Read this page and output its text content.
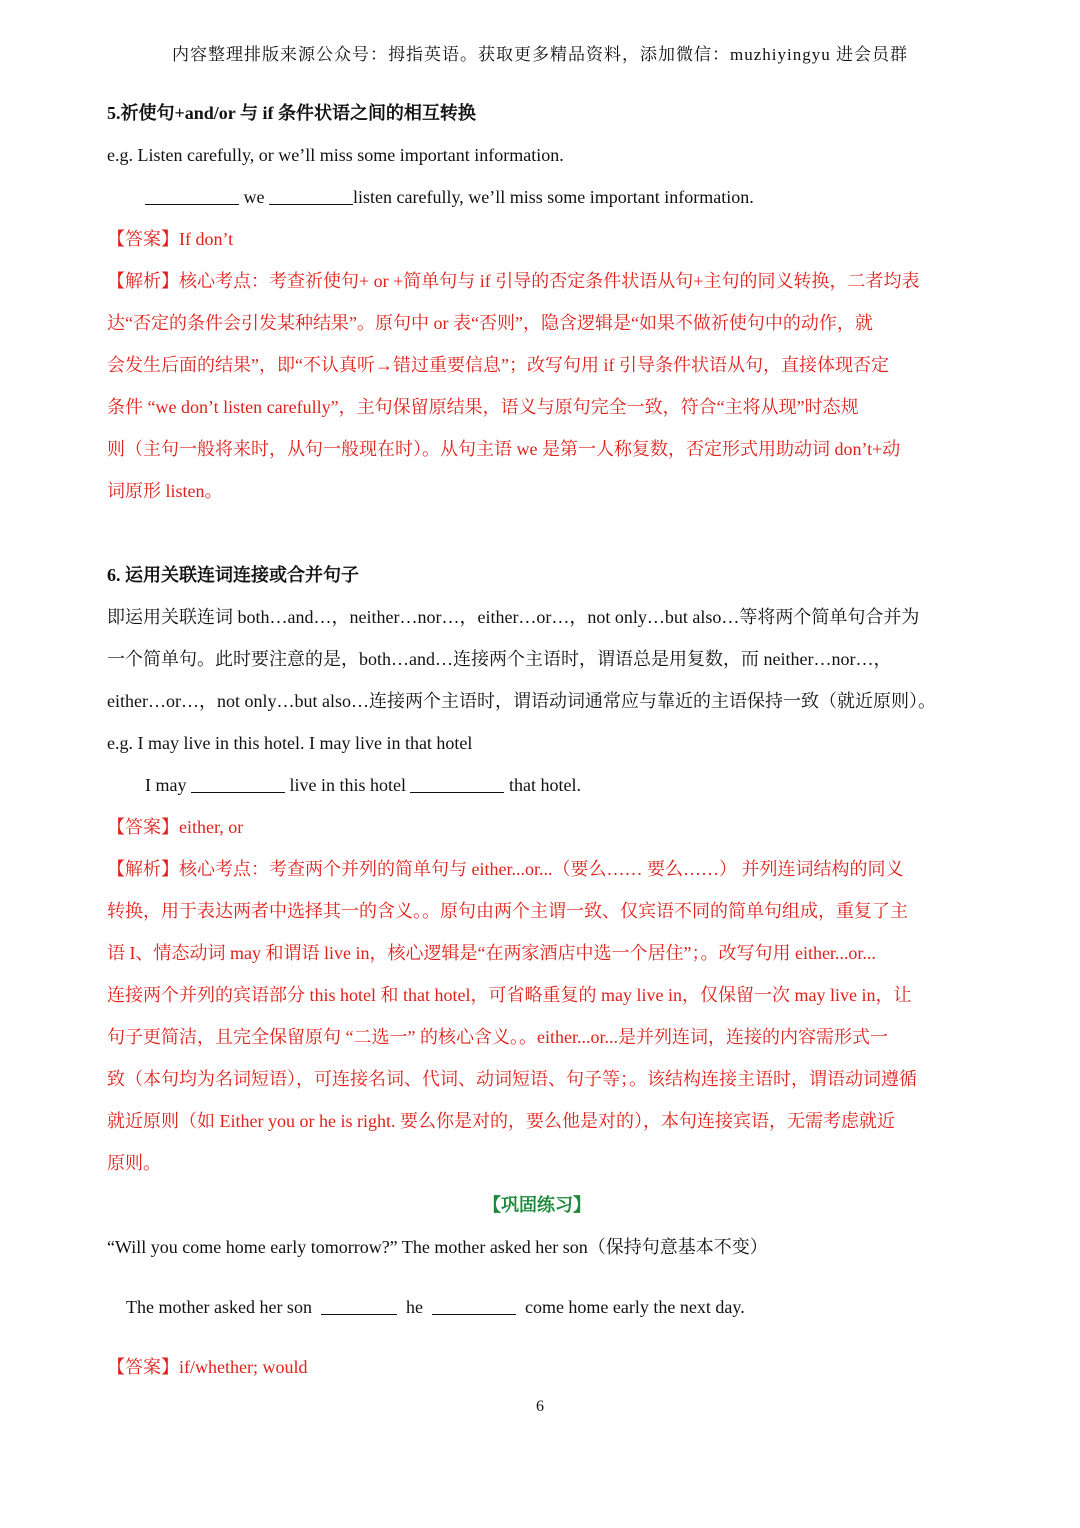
内容整理排版来源公众号：拇指英语。获取更多精品资料，添加微信：muzhiyingyu 进会员群
5.祈使句+and/or 与 if 条件状语之间的相互转换
e.g. Listen carefully, or we’ll miss some important information.
we	listen carefully, we’ll miss some important information.
【答案】If don’t
【解析】核心考点：考查祈使句+ or +简单句与 if 引导的否定条件状语从句+主句的同义转换，二者均表
达“否定的条件会引发某种结果”。原句中 or 表“否则”，隐含逻辑是“如果不做祈使句中的动作，就
会发生后面的结果”，即“不认真听→错过重要信息”；改写句用 if 引导条件状语从句，直接体现否定
条件 “we don’t listen carefully”，主句保留原结果，语义与原句完全一致，符合“主将从现”时态规
则（主句一般将来时，从句一般现在时）。从句主语 we 是第一人称复数，否定形式用助动词 don’t+动
词原形 listen。
6. 运用关联连词连接或合并句子
即运用关联连词 both…and…，neither…nor…，either…or…，not only…but also…等将两个简单句合并为
一个简单句。此时要注意的是，both…and…连接两个主语时，谓语总是用复数，而 neither…nor…，
either…or…，not only…but also…连接两个主语时，谓语动词通常应与靠近的主语保持一致（就近原则）。
e.g. I may live in this hotel. I may live in that hotel
I may	live in this hotel	that hotel.
【答案】either, or
【解析】核心考点：考查两个并列的简单句与 either...or...（要么…… 要么……） 并列连词结构的同义
转换，用于表达两者中选择其一的含义。。原句由两个主谓一致、仅宾语不同的简单句组成，重复了主
语 I、情态动词 may 和谓语 live in，核心逻辑是“在两家酒店中选一个居住”；。改写句用 either...or...
连接两个并列的宾语部分 this hotel 和 that hotel，可省略重复的 may live in，仅保留一次 may live in，让
句子更简洁，且完全保留原句 “二选一” 的核心含义。。either...or...是并列连词，连接的内容需形式一
致（本句均为名词短语），可连接名词、代词、动词短语、句子等；。该结构连接主语时，谓语动词遵循
就近原则（如 Either you or he is right. 要么你是对的，要么他是对的），本句连接宾语，无需考虑就近
原则。
【巩固练习】
“Will you come home early tomorrow?” The mother asked her son（保持句意基本不变）
The mother asked her son	he	come home early the next day.
【答案】if/whether; would
6
